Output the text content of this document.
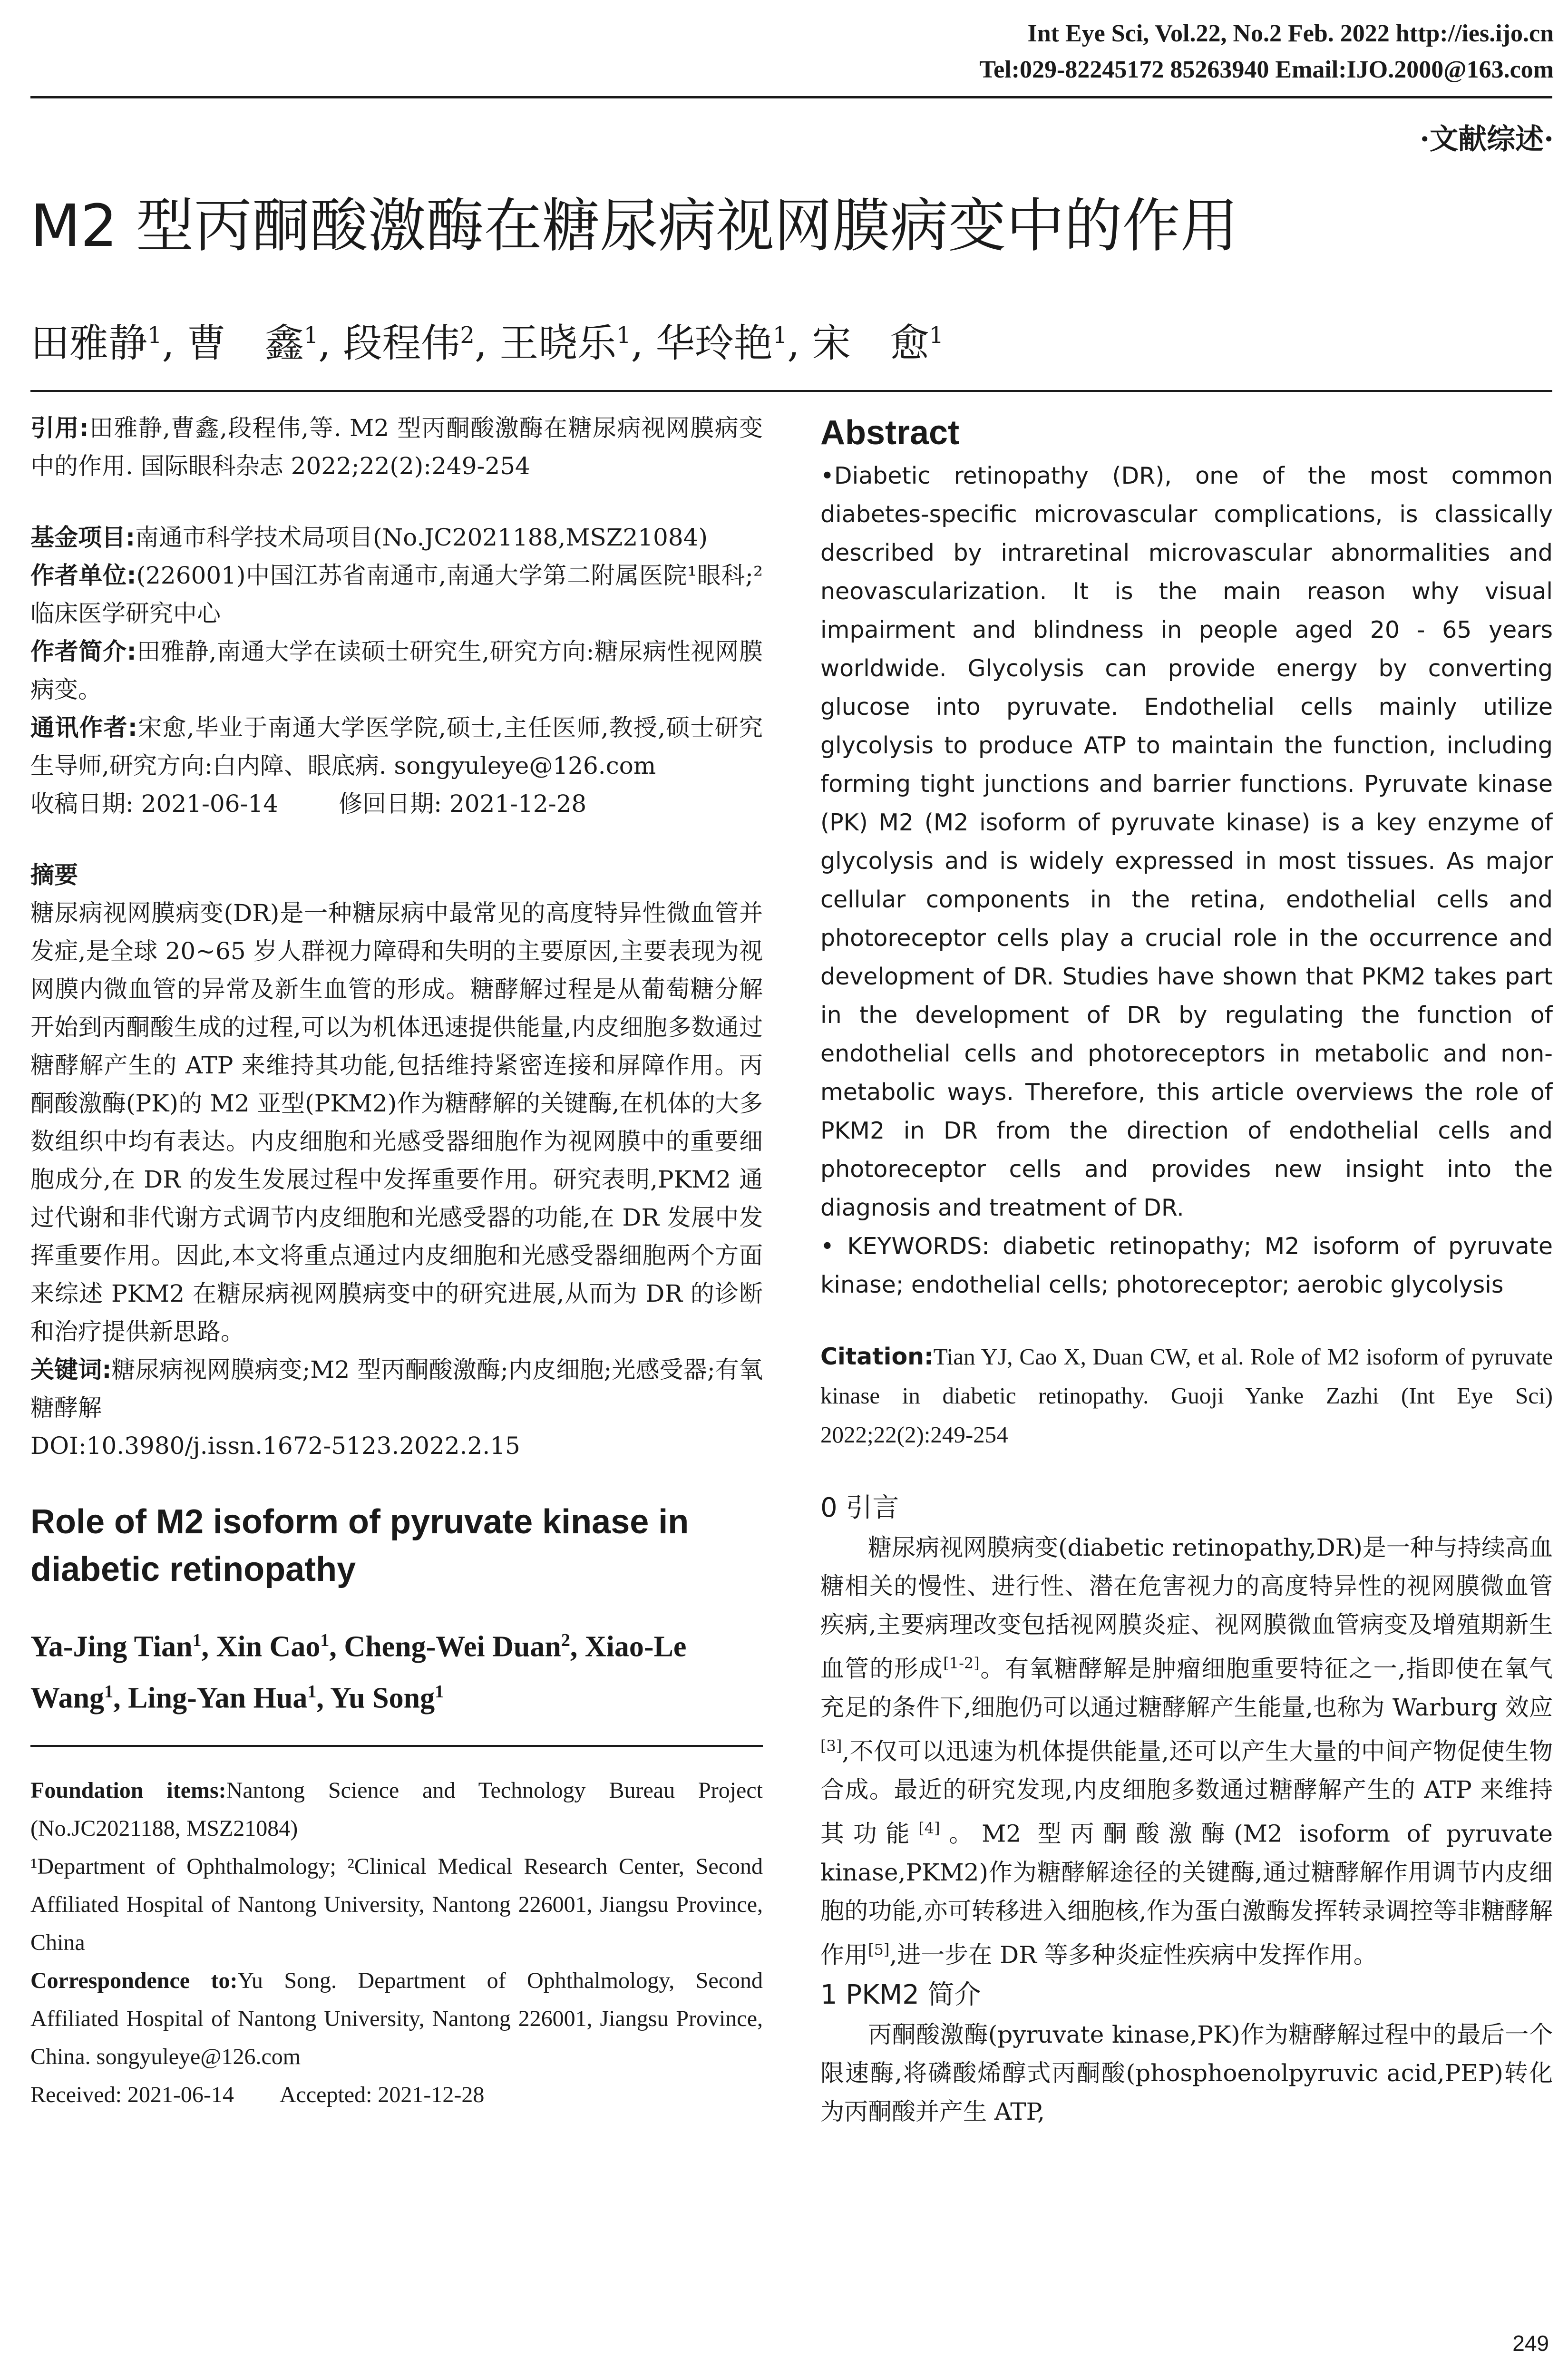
Int Eye Sci, Vol.22, No.2 Feb. 2022 http://ies.ijo.cn
Tel:029-82245172 85263940 Email:IJO.2000@163.com
·文献综述·
M2 型丙酮酸激酶在糖尿病视网膜病变中的作用
田雅静$^1$, 曹　鑫$^1$, 段程伟$^2$, 王晓乐$^1$, 华玲艳$^1$, 宋　愈$^1$

引用:田雅静,曹鑫,段程伟,等. M2 型丙酮酸激酶在糖尿病视网膜病变中的作用. 国际眼科杂志 2022;22(2):249-254

基金项目:南通市科学技术局项目(No.JC2021188,MSZ21084)

作者单位:(226001)中国江苏省南通市,南通大学第二附属医院¹眼科;²临床医学研究中心

作者简介:田雅静,南通大学在读硕士研究生,研究方向:糖尿病性视网膜病变。

通讯作者:宋愈,毕业于南通大学医学院,硕士,主任医师,教授,硕士研究生导师,研究方向:白内障、眼底病. songyuleye@126.com

收稿日期: 2021-06-14	修回日期: 2021-12-28

摘要

糖尿病视网膜病变(DR)是一种糖尿病中最常见的高度特异性微血管并发症,是全球 20~65 岁人群视力障碍和失明的主要原因,主要表现为视网膜内微血管的异常及新生血管的形成。糖酵解过程是从葡萄糖分解开始到丙酮酸生成的过程,可以为机体迅速提供能量,内皮细胞多数通过糖酵解产生的 ATP 来维持其功能,包括维持紧密连接和屏障作用。丙酮酸激酶(PK)的 M2 亚型(PKM2)作为糖酵解的关键酶,在机体的大多数组织中均有表达。内皮细胞和光感受器细胞作为视网膜中的重要细胞成分,在 DR 的发生发展过程中发挥重要作用。研究表明,PKM2 通过代谢和非代谢方式调节内皮细胞和光感受器的功能,在 DR 发展中发挥重要作用。因此,本文将重点通过内皮细胞和光感受器细胞两个方面来综述 PKM2 在糖尿病视网膜病变中的研究进展,从而为 DR 的诊断和治疗提供新思路。

关键词:糖尿病视网膜病变;M2 型丙酮酸激酶;内皮细胞;光感受器;有氧糖酵解

DOI:10.3980/j.issn.1672-5123.2022.2.15

Role of M2 isoform of pyruvate kinase in diabetic retinopathy

Ya-Jing Tian$^1$, Xin Cao$^1$, Cheng-Wei Duan$^2$, Xiao-Le Wang$^1$, Ling-Yan Hua$^1$, Yu Song$^1$

Foundation items:Nantong Science and Technology Bureau Project (No.JC2021188, MSZ21084)

¹Department of Ophthalmology; ²Clinical Medical Research Center, Second Affiliated Hospital of Nantong University, Nantong 226001, Jiangsu Province, China

Correspondence to:Yu Song. Department of Ophthalmology, Second Affiliated Hospital of Nantong University, Nantong 226001, Jiangsu Province, China. songyuleye@126.com

Received: 2021-06-14 Accepted: 2021-12-28

Abstract

•Diabetic retinopathy (DR), one of the most common diabetes-specific microvascular complications, is classically described by intraretinal microvascular abnormalities and neovascularization. It is the main reason why visual impairment and blindness in people aged 20 - 65 years worldwide. Glycolysis can provide energy by converting glucose into pyruvate. Endothelial cells mainly utilize glycolysis to produce ATP to maintain the function, including forming tight junctions and barrier functions. Pyruvate kinase (PK) M2 (M2 isoform of pyruvate kinase) is a key enzyme of glycolysis and is widely expressed in most tissues. As major cellular components in the retina, endothelial cells and photoreceptor cells play a crucial role in the occurrence and development of DR. Studies have shown that PKM2 takes part in the development of DR by regulating the function of endothelial cells and photoreceptors in metabolic and non-metabolic ways. Therefore, this article overviews the role of PKM2 in DR from the direction of endothelial cells and photoreceptor cells and provides new insight into the diagnosis and treatment of DR.

• KEYWORDS: diabetic retinopathy; M2 isoform of pyruvate kinase; endothelial cells; photoreceptor; aerobic glycolysis

Citation:Tian YJ, Cao X, Duan CW, et al. Role of M2 isoform of pyruvate kinase in diabetic retinopathy. Guoji Yanke Zazhi (Int Eye Sci) 2022;22(2):249-254

0 引言

糖尿病视网膜病变(diabetic retinopathy,DR)是一种与持续高血糖相关的慢性、进行性、潜在危害视力的高度特异性的视网膜微血管疾病,主要病理改变包括视网膜炎症、视网膜微血管病变及增殖期新生血管的形成[1-2]。有氧糖酵解是肿瘤细胞重要特征之一,指即使在氧气充足的条件下,细胞仍可以通过糖酵解产生能量,也称为 Warburg 效应[3],不仅可以迅速为机体提供能量,还可以产生大量的中间产物促使生物合成。最近的研究发现,内皮细胞多数通过糖酵解产生的 ATP 来维持其功能[4]。M2 型丙酮酸激酶(M2 isoform of pyruvate kinase,PKM2)作为糖酵解途径的关键酶,通过糖酵解作用调节内皮细胞的功能,亦可转移进入细胞核,作为蛋白激酶发挥转录调控等非糖酵解作用[5],进一步在 DR 等多种炎症性疾病中发挥作用。

1 PKM2 简介

丙酮酸激酶(pyruvate kinase,PK)作为糖酵解过程中的最后一个限速酶,将磷酸烯醇式丙酮酸(phosphoenolpyruvic acid,PEP)转化为丙酮酸并产生 ATP,

249
